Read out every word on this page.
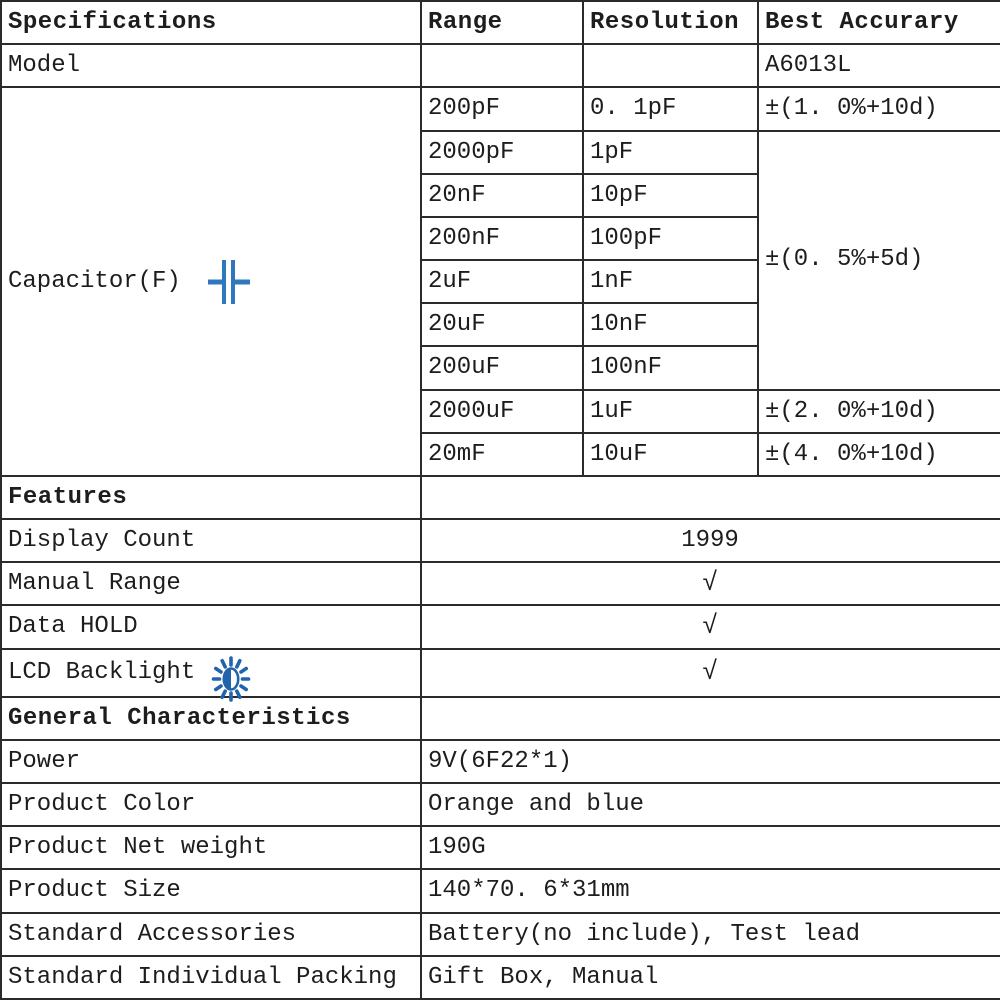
Specifications	Range	Resolution	Best Accurary
Model			A6013L

Capacitor(F)	200pF	0. 1pF	±(1. 0%+10d)
	2000pF	1pF	±(0. 5%+5d)
	20nF	10pF	
	200nF	100pF	
	2uF	1nF	
	20uF	10nF	
	200uF	100nF	
	2000uF	1uF	±(2. 0%+10d)
	20mF	10uF	±(4. 0%+10d)
Features			
Display Count	1999		
Manual Range	√		
Data HOLD	√		

LCD Backlight	√		
General Characteristics			
Power	9V(6F22*1)		
Product Color	Orange and blue		
Product Net weight	190G		
Product Size	140*70. 6*31mm		
Standard Accessories	Battery(no include), Test lead		
Standard Individual Packing	Gift Box, Manual		
